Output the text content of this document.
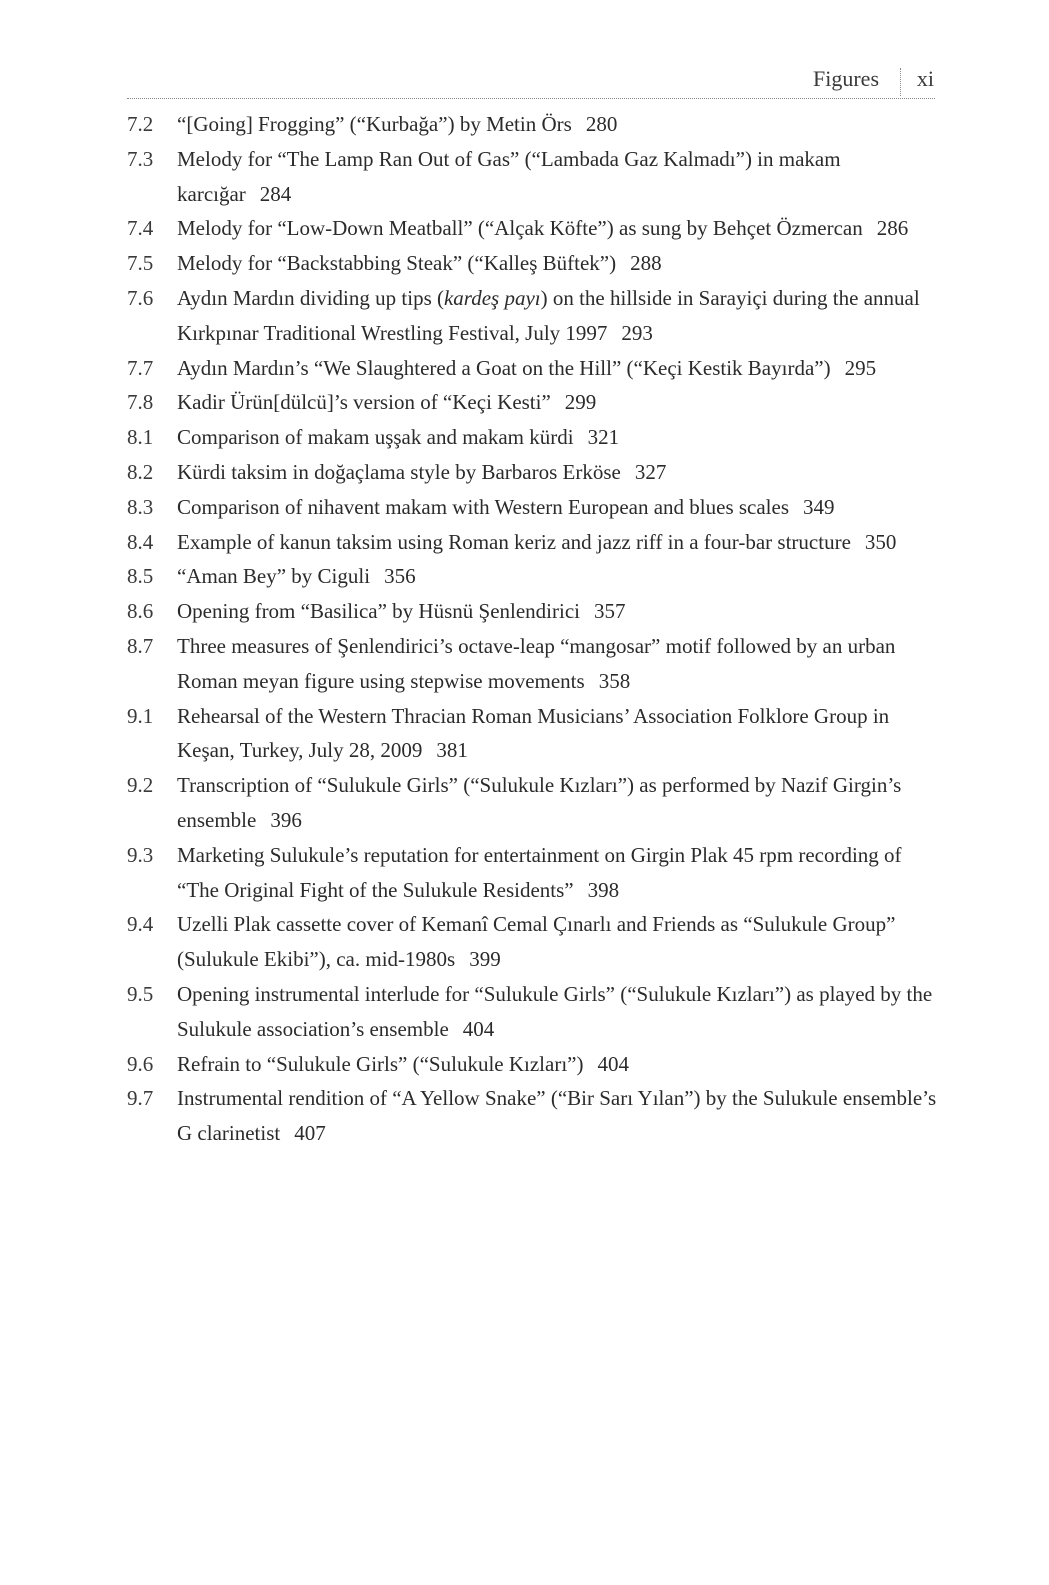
Figures xi
7.2	“[Going] Frogging” (“Kurbağa”) by Metin Örs 280
7.3	Melody for “The Lamp Ran Out of Gas” (“Lambada Gaz Kalmadı”) in makam karcığar 284
7.4	Melody for “Low-Down Meatball” (“Alçak Köfte”) as sung by Behçet Özmercan 286
7.5	Melody for “Backstabbing Steak” (“Kalleş Büftek”) 288
7.6	Aydın Mardın dividing up tips (kardeş payı) on the hillside in Sarayiçi during the annual Kırkpınar Traditional Wrestling Festival, July 1997 293
7.7	Aydın Mardın’s “We Slaughtered a Goat on the Hill” (“Keçi Kestik Bayırda”) 295
7.8	Kadir Ürün[dülcü]’s version of “Keçi Kesti” 299
8.1	Comparison of makam uşşak and makam kürdi 321
8.2	Kürdi taksim in doğaçlama style by Barbaros Erköse 327
8.3	Comparison of nihavent makam with Western European and blues scales 349
8.4	Example of kanun taksim using Roman keriz and jazz riff in a four-bar structure 350
8.5	“Aman Bey” by Ciguli 356
8.6	Opening from “Basilica” by Hüsnü Şenlendirici 357
8.7	Three measures of Şenlendirici’s octave-leap “mangosar” motif followed by an urban Roman meyan figure using stepwise movements 358
9.1	Rehearsal of the Western Thracian Roman Musicians’ Association Folklore Group in Keşan, Turkey, July 28, 2009 381
9.2	Transcription of “Sulukule Girls” (“Sulukule Kızları”) as performed by Nazif Girgin’s ensemble 396
9.3	Marketing Sulukule’s reputation for entertainment on Girgin Plak 45 rpm recording of “The Original Fight of the Sulukule Residents” 398
9.4	Uzelli Plak cassette cover of Kemanî Cemal Çınarlı and Friends as “Sulukule Group” (Sulukule Ekibi”), ca. mid-1980s 399
9.5	Opening instrumental interlude for “Sulukule Girls” (“Sulukule Kızları”) as played by the Sulukule association’s ensemble 404
9.6	Refrain to “Sulukule Girls” (“Sulukule Kızları”) 404
9.7	Instrumental rendition of “A Yellow Snake” (“Bir Sarı Yılan”) by the Sulukule ensemble’s G clarinetist 407
